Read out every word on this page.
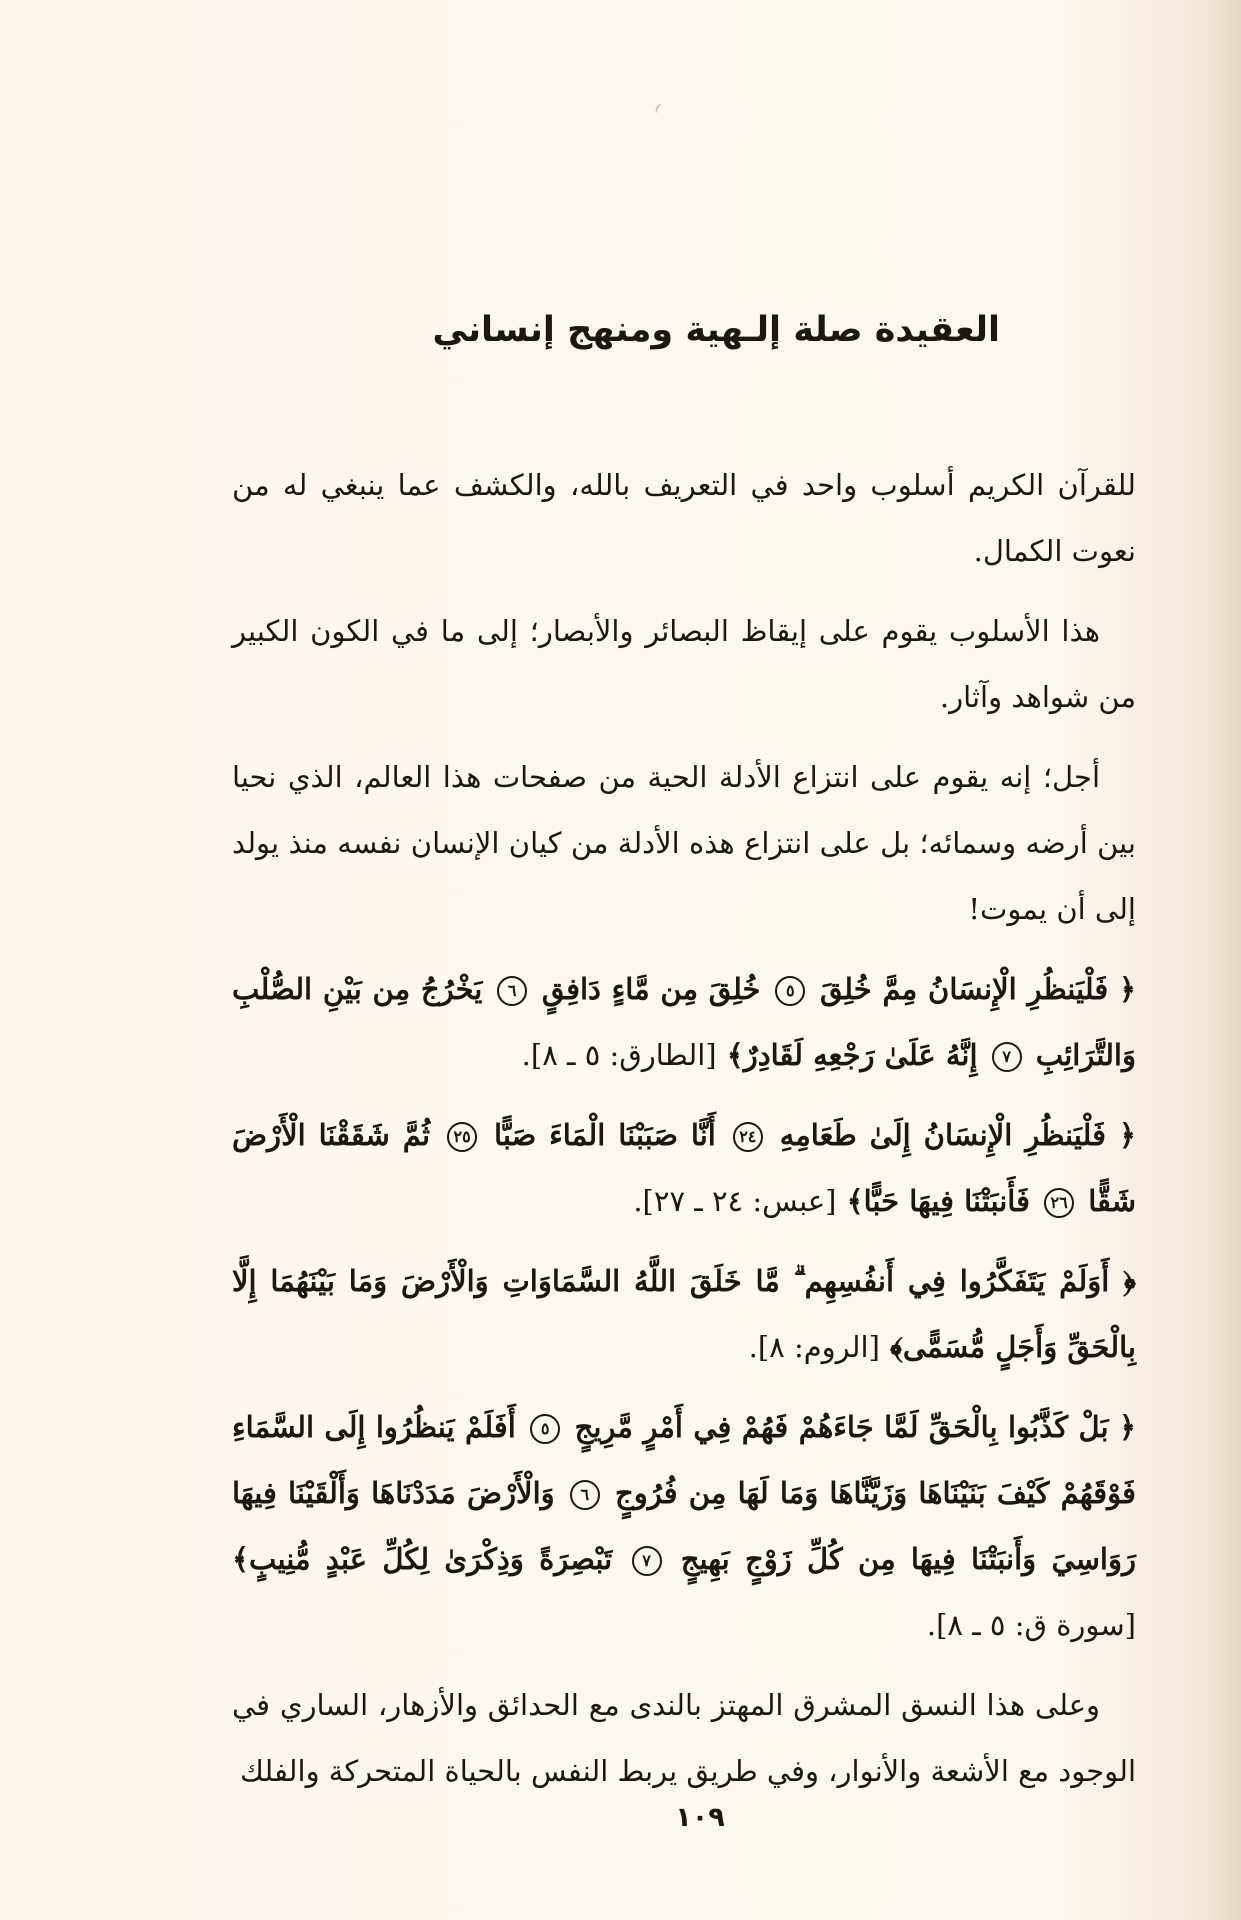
العقيدة صلة إلـهية ومنهج إنساني

للقرآن الكريم أسلوب واحد في التعريف بالله، والكشف عما ينبغي له من نعوت الكمال.

هذا الأسلوب يقوم على إيقاظ البصائر والأبصار؛ إلى ما في الكون الكبير من شواهد وآثار.

أجل؛ إنه يقوم على انتزاع الأدلة الحية من صفحات هذا العالم، الذي نحيا بين أرضه وسمائه؛ بل على انتزاع هذه الأدلة من كيان الإنسان نفسه منذ يولد إلى أن يموت!

﴿ فَلْيَنظُرِ الْإِنسَانُ مِمَّ خُلِقَ ٥ خُلِقَ مِن مَّاءٍ دَافِقٍ ٦ يَخْرُجُ مِن بَيْنِ الصُّلْبِ وَالتَّرَائِبِ ٧ إِنَّهُ عَلَىٰ رَجْعِهِ لَقَادِرٌ﴾ [الطارق: ٥ ـ ٨].

﴿ فَلْيَنظُرِ الْإِنسَانُ إِلَىٰ طَعَامِهِ ٢٤ أَنَّا صَبَبْنَا الْمَاءَ صَبًّا ٢٥ ثُمَّ شَقَقْنَا الْأَرْضَ شَقًّا ٢٦ فَأَنبَتْنَا فِيهَا حَبًّا﴾ [عبس: ٢٤ ـ ٢٧].

﴿ أَوَلَمْ يَتَفَكَّرُوا فِي أَنفُسِهِم ۗ مَّا خَلَقَ اللَّهُ السَّمَاوَاتِ وَالْأَرْضَ وَمَا بَيْنَهُمَا إِلَّا بِالْحَقِّ وَأَجَلٍ مُّسَمًّى﴾ [الروم: ٨].

﴿ بَلْ كَذَّبُوا بِالْحَقِّ لَمَّا جَاءَهُمْ فَهُمْ فِي أَمْرٍ مَّرِيجٍ ٥ أَفَلَمْ يَنظُرُوا إِلَى السَّمَاءِ فَوْقَهُمْ كَيْفَ بَنَيْنَاهَا وَزَيَّنَّاهَا وَمَا لَهَا مِن فُرُوجٍ ٦ وَالْأَرْضَ مَدَدْنَاهَا وَأَلْقَيْنَا فِيهَا رَوَاسِيَ وَأَنبَتْنَا فِيهَا مِن كُلِّ زَوْجٍ بَهِيجٍ ٧ تَبْصِرَةً وَذِكْرَىٰ لِكُلِّ عَبْدٍ مُّنِيبٍ﴾ [سورة ق: ٥ ـ ٨].

وعلى هذا النسق المشرق المهتز بالندى مع الحدائق والأزهار، الساري في الوجود مع الأشعة والأنوار، وفي طريق يربط النفس بالحياة المتحركة والفلك

١٠٩
